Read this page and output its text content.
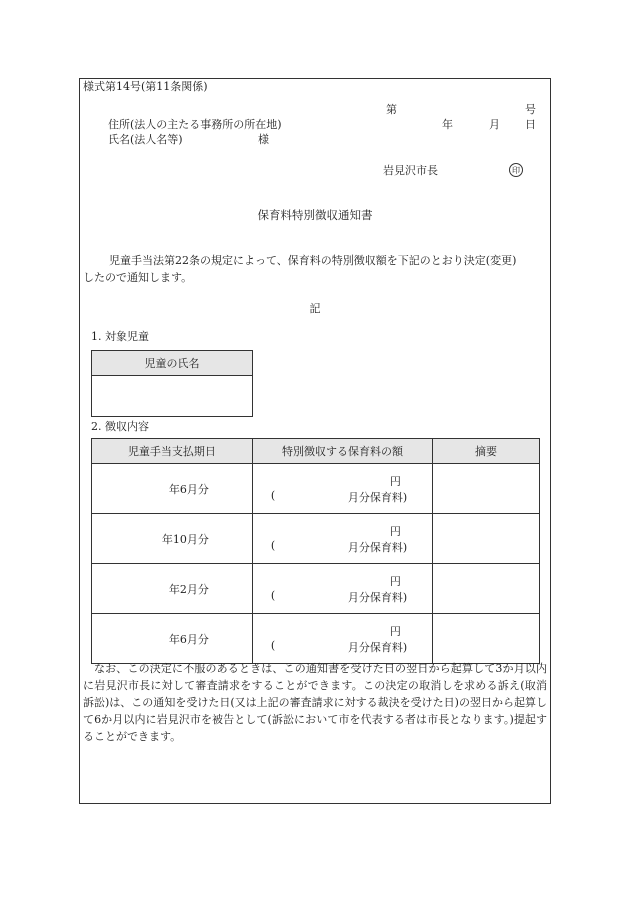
様式第14号(第11条関係)
第	号
住所(法人の主たる事務所の所在地)	年	月 日
氏名(法人名等)	様
岩見沢市長	印
保育料特別徴収通知書
児童手当法第22条の規定によって、保育料の特別徴収額を下記のとおり決定(変更)
したので通知します。
記
1. 対象児童
児童の氏名

2. 徴収内容
児童手当支払期日	特別徴収する保育料の額	摘要
年6月分	円
( 月分保育料)	

年10月分	円
( 月分保育料)	

年2月分	円
( 月分保育料)	

年6月分	円
( 月分保育料)	

なお、この決定に不服のあるときは、この通知書を受けた日の翌日から起算して3か月以内に岩見沢市長に対して審査請求をすることができます。この決定の取消しを求める訴え(取消訴訟)は、この通知を受けた日(又は上記の審査請求に対する裁決を受けた日)の翌日から起算して6か月以内に岩見沢市を被告として(訴訟において市を代表する者は市長となります。)提起することができます。
